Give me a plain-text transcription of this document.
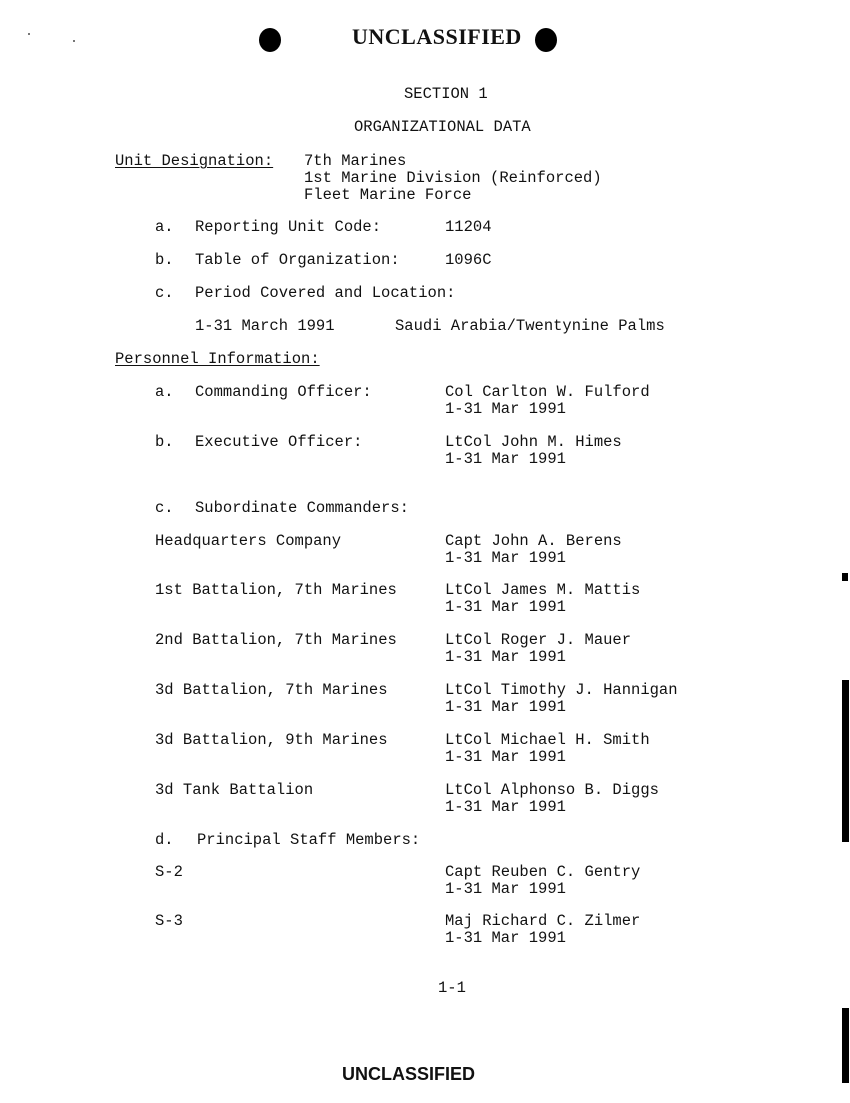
UNCLASSIFIED
SECTION 1
ORGANIZATIONAL DATA
Unit Designation: 7th Marines
1st Marine Division (Reinforced)
Fleet Marine Force
a. Reporting Unit Code:	11204
b. Table of Organization:	1096C
c. Period Covered and Location:
1-31 March 1991	Saudi Arabia/Twentynine Palms
Personnel Information:
a. Commanding Officer:	Col Carlton W. Fulford
1-31 Mar 1991
b. Executive Officer:	LtCol John M. Himes
1-31 Mar 1991
c. Subordinate Commanders:
Headquarters Company	Capt John A. Berens
1-31 Mar 1991
1st Battalion, 7th Marines	LtCol James M. Mattis
1-31 Mar 1991
2nd Battalion, 7th Marines	LtCol Roger J. Mauer
1-31 Mar 1991
3d Battalion, 7th Marines	LtCol Timothy J. Hannigan
1-31 Mar 1991
3d Battalion, 9th Marines	LtCol Michael H. Smith
1-31 Mar 1991
3d Tank Battalion	LtCol Alphonso B. Diggs
1-31 Mar 1991
d. Principal Staff Members:
S-2	Capt Reuben C. Gentry
1-31 Mar 1991
S-3	Maj Richard C. Zilmer
1-31 Mar 1991
1-1
UNCLASSIFIED
